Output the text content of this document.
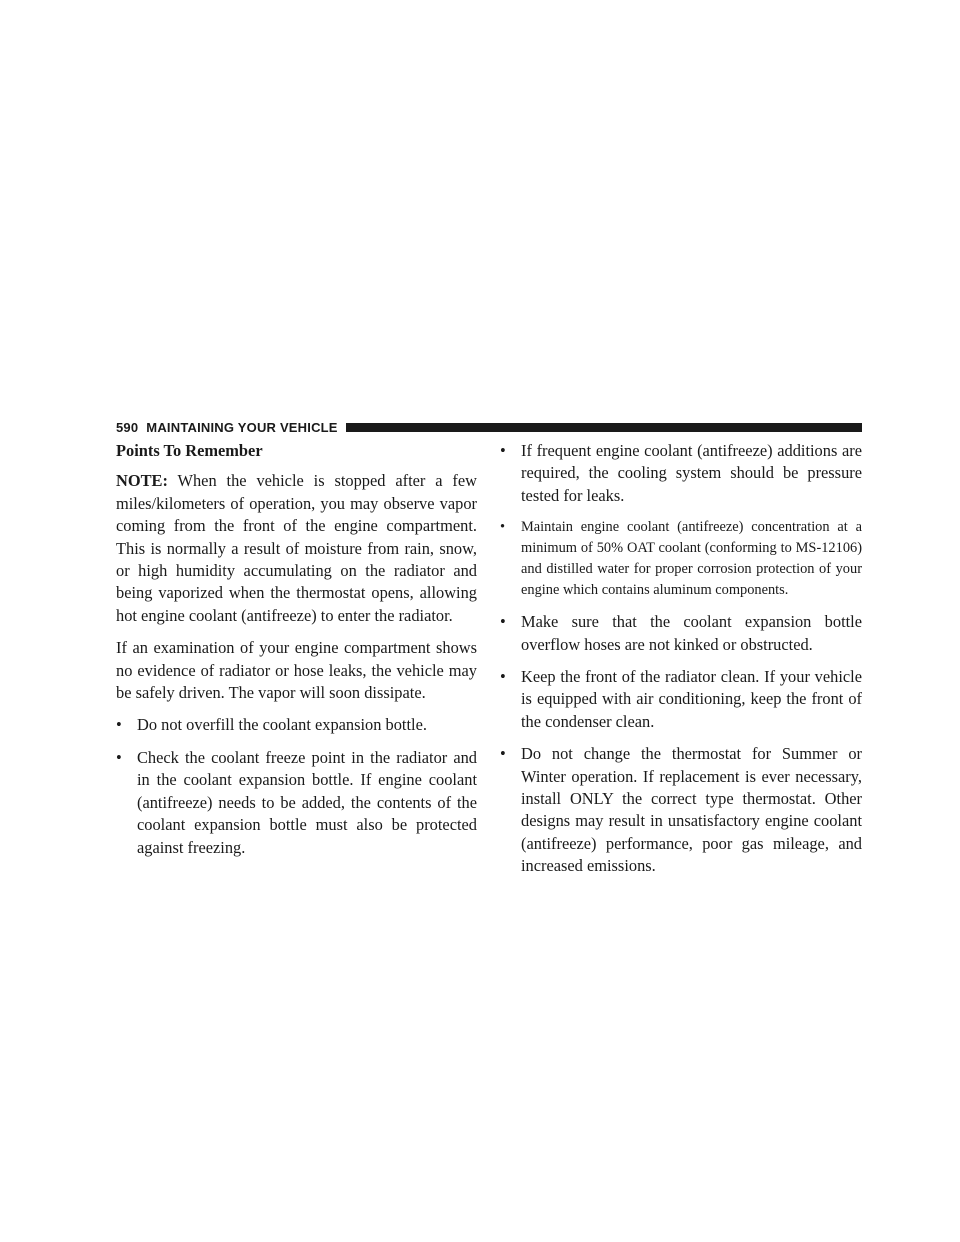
590 MAINTAINING YOUR VEHICLE
Points To Remember

NOTE: When the vehicle is stopped after a few miles/kilometers of operation, you may observe vapor coming from the front of the engine compartment. This is normally a result of moisture from rain, snow, or high humidity accumulating on the radiator and being vaporized when the thermostat opens, allowing hot engine coolant (antifreeze) to enter the radiator.

If an examination of your engine compartment shows no evidence of radiator or hose leaks, the vehicle may be safely driven. The vapor will soon dissipate.

• Do not overfill the coolant expansion bottle.
• Check the coolant freeze point in the radiator and in the coolant expansion bottle. If engine coolant (antifreeze) needs to be added, the contents of the coolant expansion bottle must also be protected against freezing.
• If frequent engine coolant (antifreeze) additions are required, the cooling system should be pressure tested for leaks.
•	Maintain engine coolant (antifreeze) concentration at a minimum of 50% OAT coolant (conforming to MS-12106) and distilled water for proper corrosion protection of your engine which contains aluminum components.
• Make sure that the coolant expansion bottle overflow hoses are not kinked or obstructed.
• Keep the front of the radiator clean. If your vehicle is equipped with air conditioning, keep the front of the condenser clean.
• Do not change the thermostat for Summer or Winter operation. If replacement is ever necessary, install ONLY the correct type thermostat. Other designs may result in unsatisfactory engine coolant (antifreeze) performance, poor gas mileage, and increased emissions.
